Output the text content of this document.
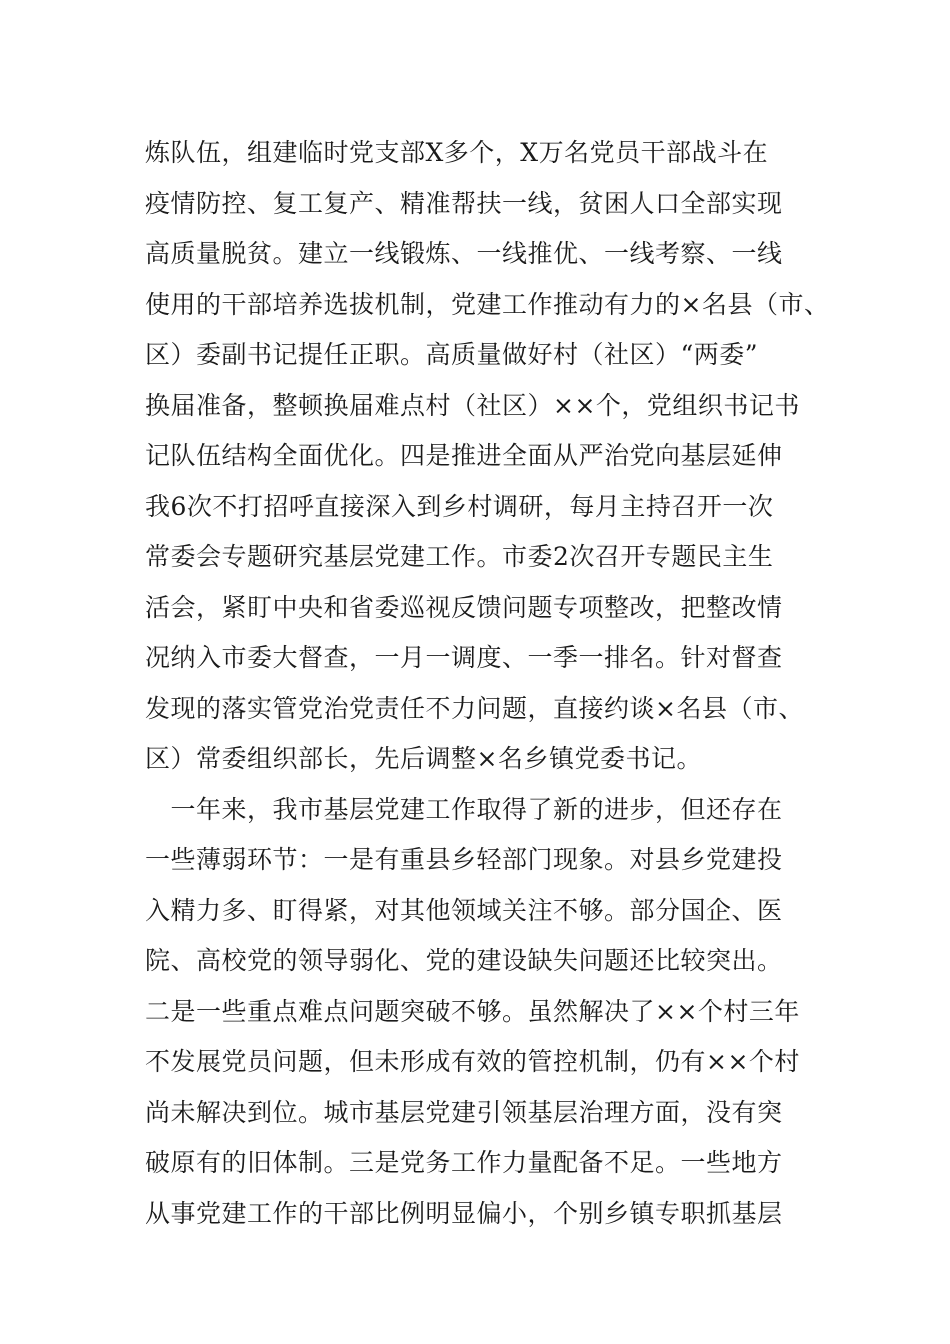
炼队伍，组建临时党支部X多个，X万名党员干部战斗在
疫情防控、复工复产、精准帮扶一线，贫困人口全部实现
高质量脱贫。建立一线锻炼、一线推优、一线考察、一线
使用的干部培养选拔机制，党建工作推动有力的×名县（市、
区）委副书记提任正职。高质量做好村（社区）“两委”
换届准备，整顿换届难点村（社区）××个，党组织书记书
记队伍结构全面优化。四是推进全面从严治党向基层延伸
我6次不打招呼直接深入到乡村调研，每月主持召开一次
常委会专题研究基层党建工作。市委2次召开专题民主生
活会，紧盯中央和省委巡视反馈问题专项整改，把整改情
况纳入市委大督查，一月一调度、一季一排名。针对督查
发现的落实管党治党责任不力问题，直接约谈×名县（市、
区）常委组织部长，先后调整×名乡镇党委书记。
　一年来，我市基层党建工作取得了新的进步，但还存在
一些薄弱环节：一是有重县乡轻部门现象。对县乡党建投
入精力多、盯得紧，对其他领域关注不够。部分国企、医
院、高校党的领导弱化、党的建设缺失问题还比较突出。
二是一些重点难点问题突破不够。虽然解决了××个村三年
不发展党员问题，但未形成有效的管控机制，仍有××个村
尚未解决到位。城市基层党建引领基层治理方面，没有突
破原有的旧体制。三是党务工作力量配备不足。一些地方
从事党建工作的干部比例明显偏小，个别乡镇专职抓基层
